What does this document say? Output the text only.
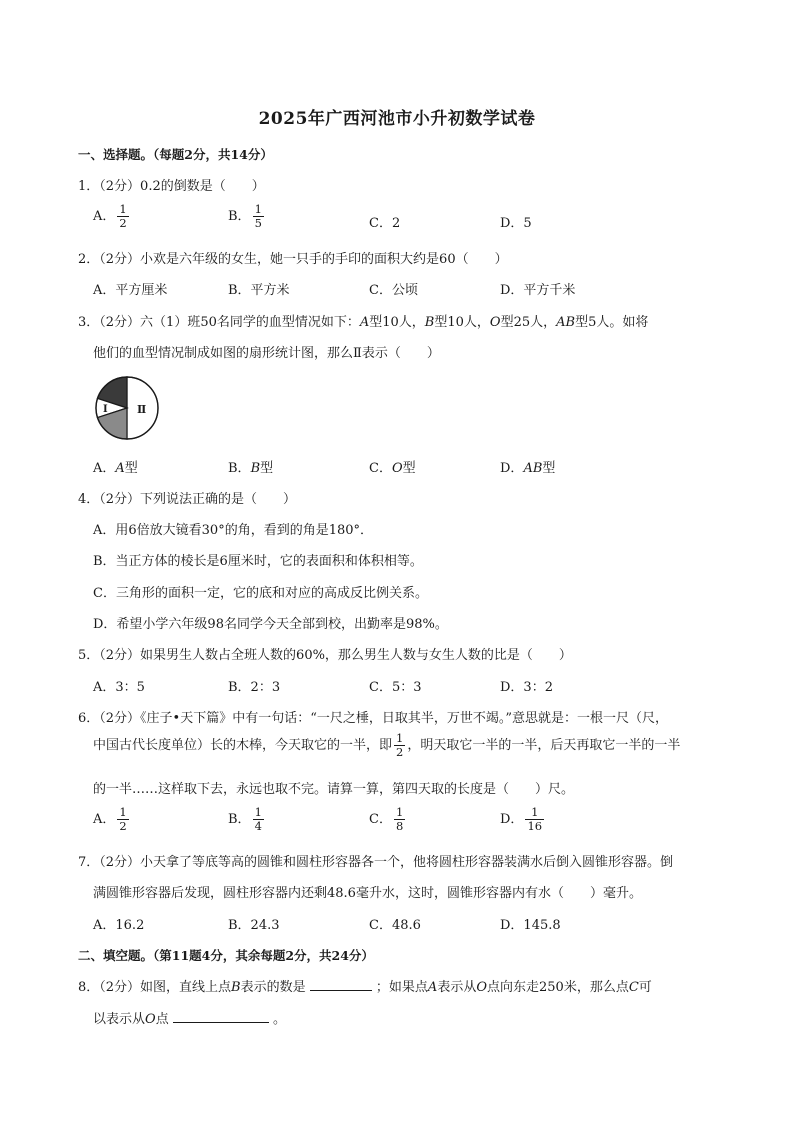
2025年广西河池市小升初数学试卷
一、选择题。（每题2分，共14分）
1．（2分）0.2的倒数是（　　）
A． $\frac{1}{2}$	B． $\frac{1}{5}$	C．2	D．5
2．（2分）小欢是六年级的女生，她一只手的手印的面积大约是60（　　）
A．平方厘米	B．平方米	C．公顷	D．平方千米
3．（2分）六（1）班50名同学的血型情况如下：A型10人，B型10人，O型25人，AB型5人。如将
他们的血型情况制成如图的扇形统计图，那么Ⅱ表示（　　）
Ⅰ	Ⅱ
A．A型	B．B型	C．O型	D．AB型
4．（2分）下列说法正确的是（　　）
A．用6倍放大镜看30°的角，看到的角是180°．
B．当正方体的棱长是6厘米时，它的表面积和体积相等。
C．三角形的面积一定，它的底和对应的高成反比例关系。
D．希望小学六年级98名同学今天全部到校，出勤率是98%。
5．（2分）如果男生人数占全班人数的60%，那么男生人数与女生人数的比是（　　）
A．3：5	B．2：3	C．5：3	D．3：2
6．（2分）《庄子•天下篇》中有一句话：“一尺之棰，日取其半，万世不竭。”意思就是：一根一尺（尺，
中国古代长度单位）长的木棒，今天取它的一半，即 $\frac{1}{2}$ ，明天取它一半的一半，后天再取它一半的一半
的一半……这样取下去，永远也取不完。请算一算，第四天取的长度是（　　）尺。
A． $\frac{1}{2}$	B． $\frac{1}{4}$	C． $\frac{1}{8}$	D． $\frac{1}{16}$
7．（2分）小天拿了等底等高的圆锥和圆柱形容器各一个，他将圆柱形容器装满水后倒入圆锥形容器。倒
满圆锥形容器后发现，圆柱形容器内还剩48.6毫升水，这时，圆锥形容器内有水（　　）毫升。
A．16.2	B．24.3	C．48.6	D．145.8
二、填空题。（第11题4分，其余每题2分，共24分）
8．（2分）如图，直线上点B表示的数是	；如果点A表示从O点向东走250米，那么点C可
以表示从O点	。
